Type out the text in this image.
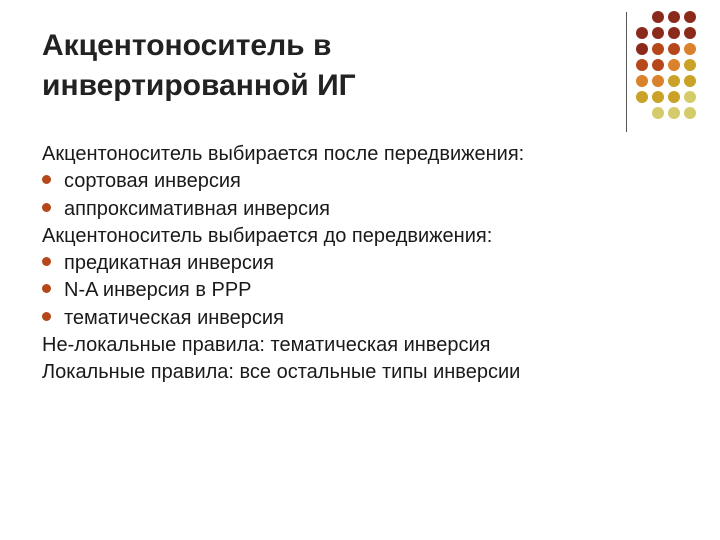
Акцентоноситель в
инвертированной ИГ
Акцентоноситель выбирается после передвижения:
сортовая инверсия
аппроксимативная инверсия
Акцентоноситель выбирается до передвижения:
предикатная инверсия
N-A инверсия в PPP
тематическая инверсия
Не-локальные правила: тематическая инверсия
Локальные правила: все остальные типы инверсии
